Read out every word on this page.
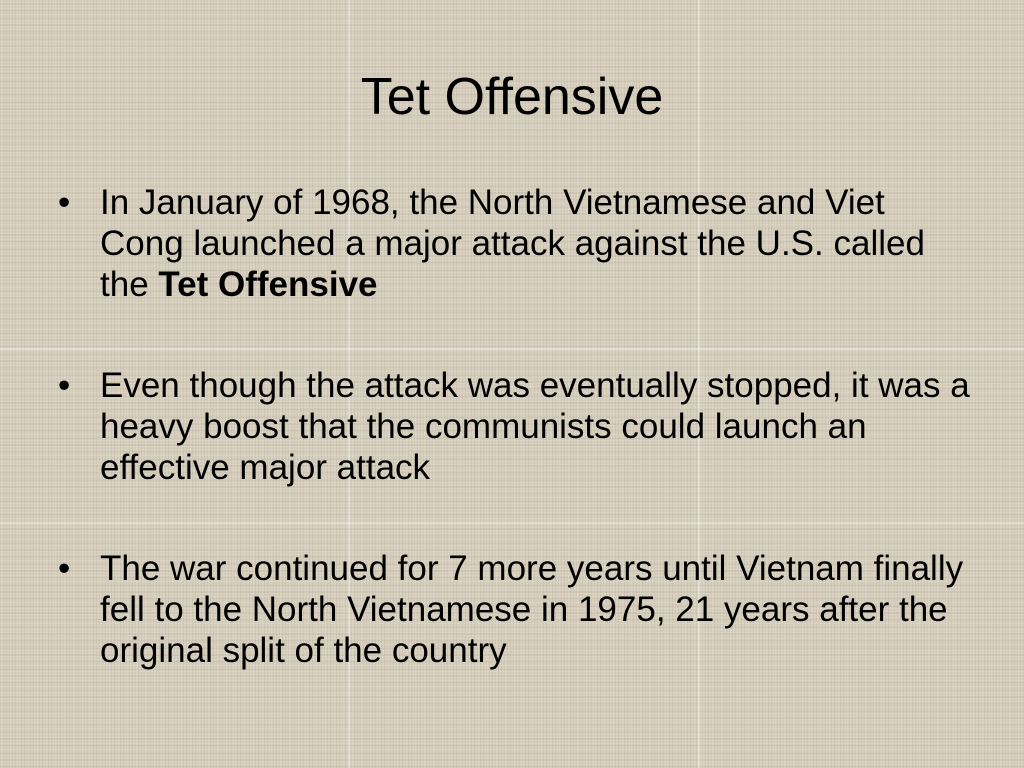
Tet Offensive
• In January of 1968, the North Vietnamese and Viet Cong launched a major attack against the U.S. called the Tet Offensive
• Even though the attack was eventually stopped, it was a heavy boost that the communists could launch an effective major attack
• The war continued for 7 more years until Vietnam finally fell to the North Vietnamese in 1975, 21 years after the original split of the country
